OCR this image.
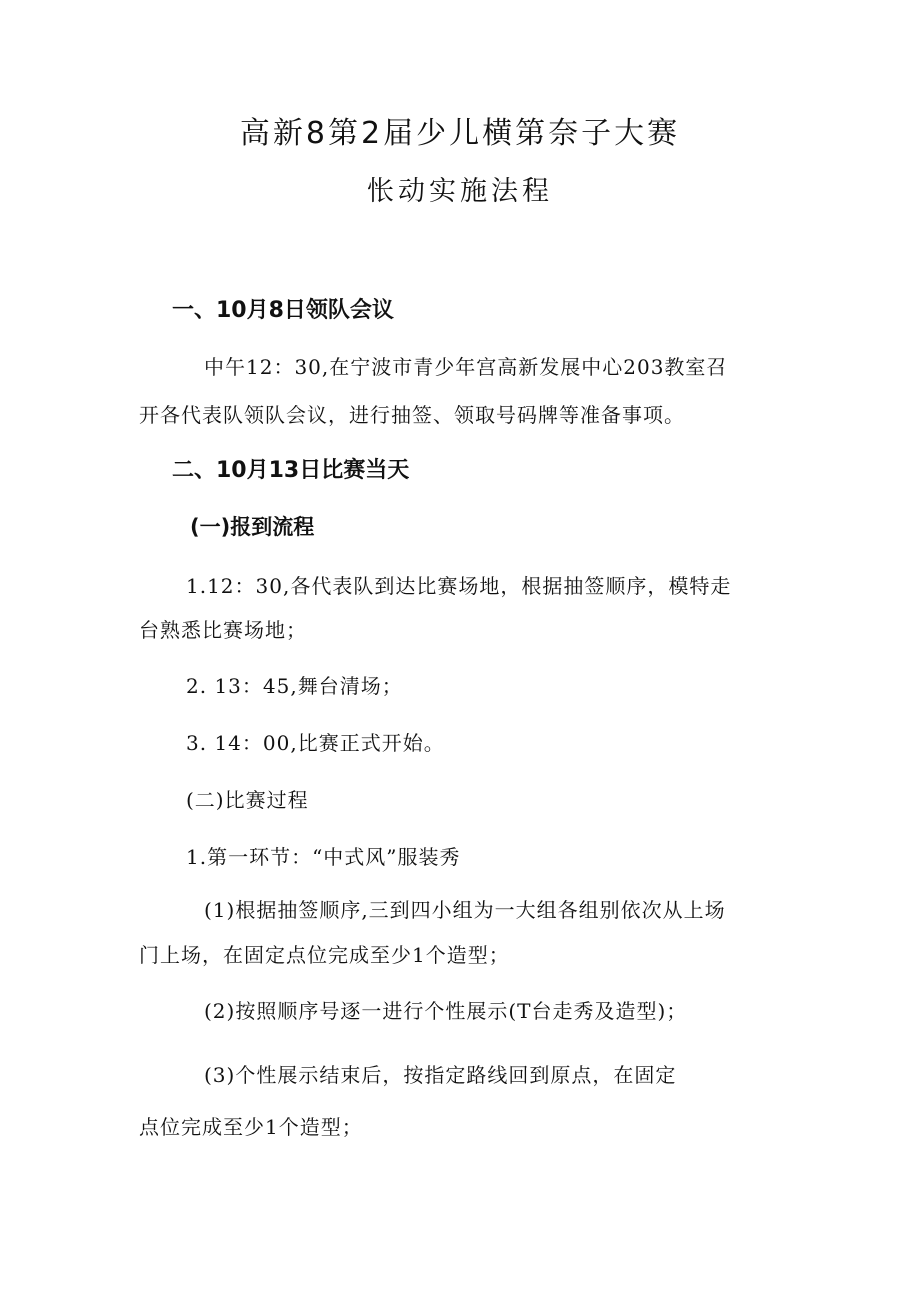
高新8第2届少儿横第奈子大赛
怅动实施法程
一、10月8日领队会议
中午12：30,在宁波市青少年宫高新发展中心203教室召
开各代表队领队会议，进行抽签、领取号码牌等准备事项。
二、10月13日比赛当天
(一)报到流程
1.12：30,各代表队到达比赛场地，根据抽签顺序，模特走
台熟悉比赛场地；
2. 13：45,舞台清场；
3. 14：00,比赛正式开始。
(二)比赛过程
1.第一环节：“中式风”服装秀
(1)根据抽签顺序,三到四小组为一大组各组别依次从上场
门上场，在固定点位完成至少1个造型；
(2)按照顺序号逐一进行个性展示(T台走秀及造型)；
(3)个性展示结束后，按指定路线回到原点，在固定
点位完成至少1个造型；
